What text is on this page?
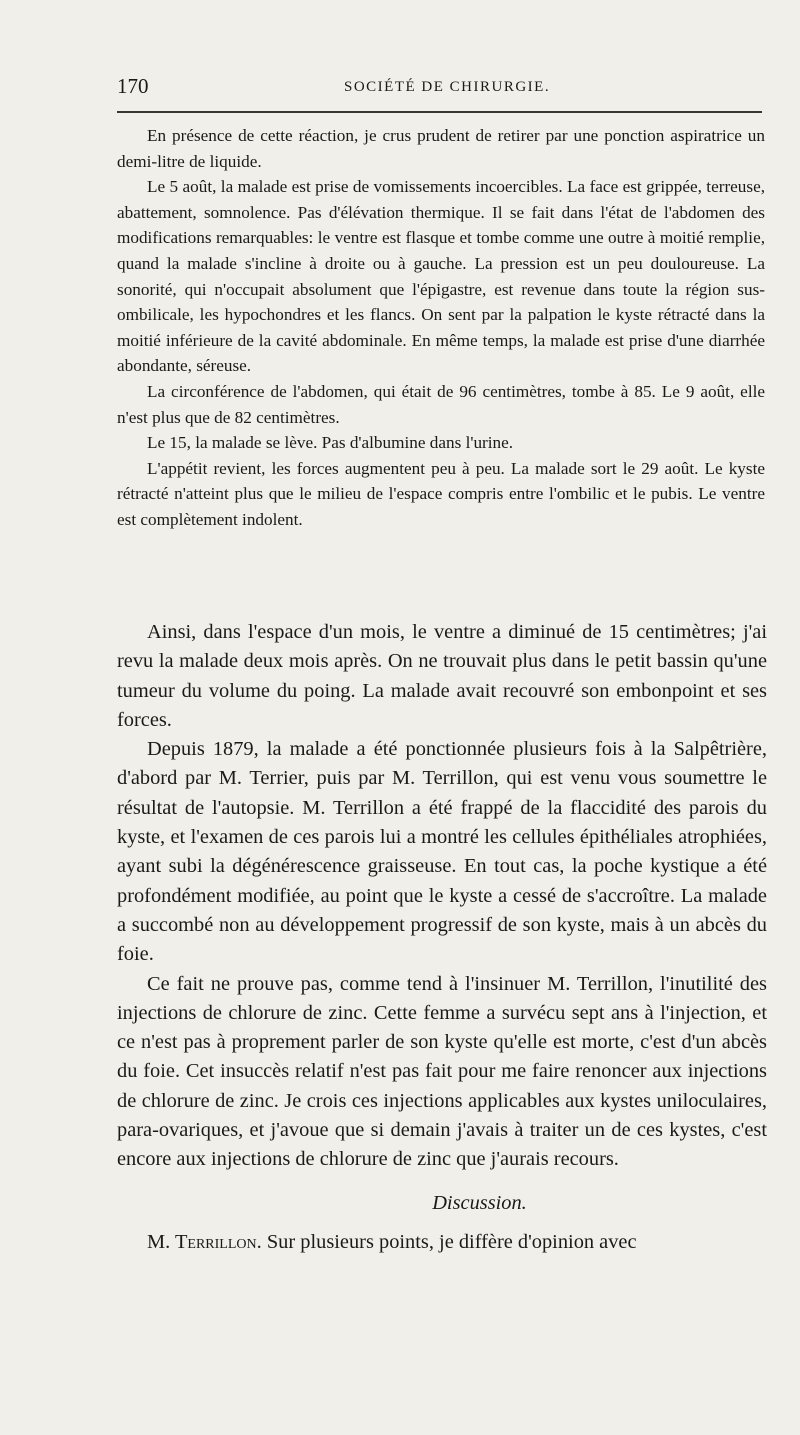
170	SOCIÉTÉ DE CHIRURGIE.

En présence de cette réaction, je crus prudent de retirer par une ponction aspiratrice un demi-litre de liquide.

Le 5 août, la malade est prise de vomissements incoercibles. La face est grippée, terreuse, abattement, somnolence. Pas d'élévation thermique. Il se fait dans l'état de l'abdomen des modifications remarquables: le ventre est flasque et tombe comme une outre à moitié remplie, quand la malade s'incline à droite ou à gauche. La pression est un peu douloureuse. La sonorité, qui n'occupait absolument que l'épigastre, est revenue dans toute la région sus-ombilicale, les hypochondres et les flancs. On sent par la palpation le kyste rétracté dans la moitié inférieure de la cavité abdominale. En même temps, la malade est prise d'une diarrhée abondante, séreuse.

La circonférence de l'abdomen, qui était de 96 centimètres, tombe à 85. Le 9 août, elle n'est plus que de 82 centimètres.

Le 15, la malade se lève. Pas d'albumine dans l'urine.

L'appétit revient, les forces augmentent peu à peu. La malade sort le 29 août. Le kyste rétracté n'atteint plus que le milieu de l'espace compris entre l'ombilic et le pubis. Le ventre est complètement indolent.

Ainsi, dans l'espace d'un mois, le ventre a diminué de 15 centimètres; j'ai revu la malade deux mois après. On ne trouvait plus dans le petit bassin qu'une tumeur du volume du poing. La malade avait recouvré son embonpoint et ses forces.

Depuis 1879, la malade a été ponctionnée plusieurs fois à la Salpêtrière, d'abord par M. Terrier, puis par M. Terrillon, qui est venu vous soumettre le résultat de l'autopsie. M. Terrillon a été frappé de la flaccidité des parois du kyste, et l'examen de ces parois lui a montré les cellules épithéliales atrophiées, ayant subi la dégénérescence graisseuse. En tout cas, la poche kystique a été profondément modifiée, au point que le kyste a cessé de s'accroître. La malade a succombé non au développement progressif de son kyste, mais à un abcès du foie.

Ce fait ne prouve pas, comme tend à l'insinuer M. Terrillon, l'inutilité des injections de chlorure de zinc. Cette femme a survécu sept ans à l'injection, et ce n'est pas à proprement parler de son kyste qu'elle est morte, c'est d'un abcès du foie. Cet insuccès relatif n'est pas fait pour me faire renoncer aux injections de chlorure de zinc. Je crois ces injections applicables aux kystes uniloculaires, para-ovariques, et j'avoue que si demain j'avais à traiter un de ces kystes, c'est encore aux injections de chlorure de zinc que j'aurais recours.

Discussion.

M. Terrillon. Sur plusieurs points, je diffère d'opinion avec
